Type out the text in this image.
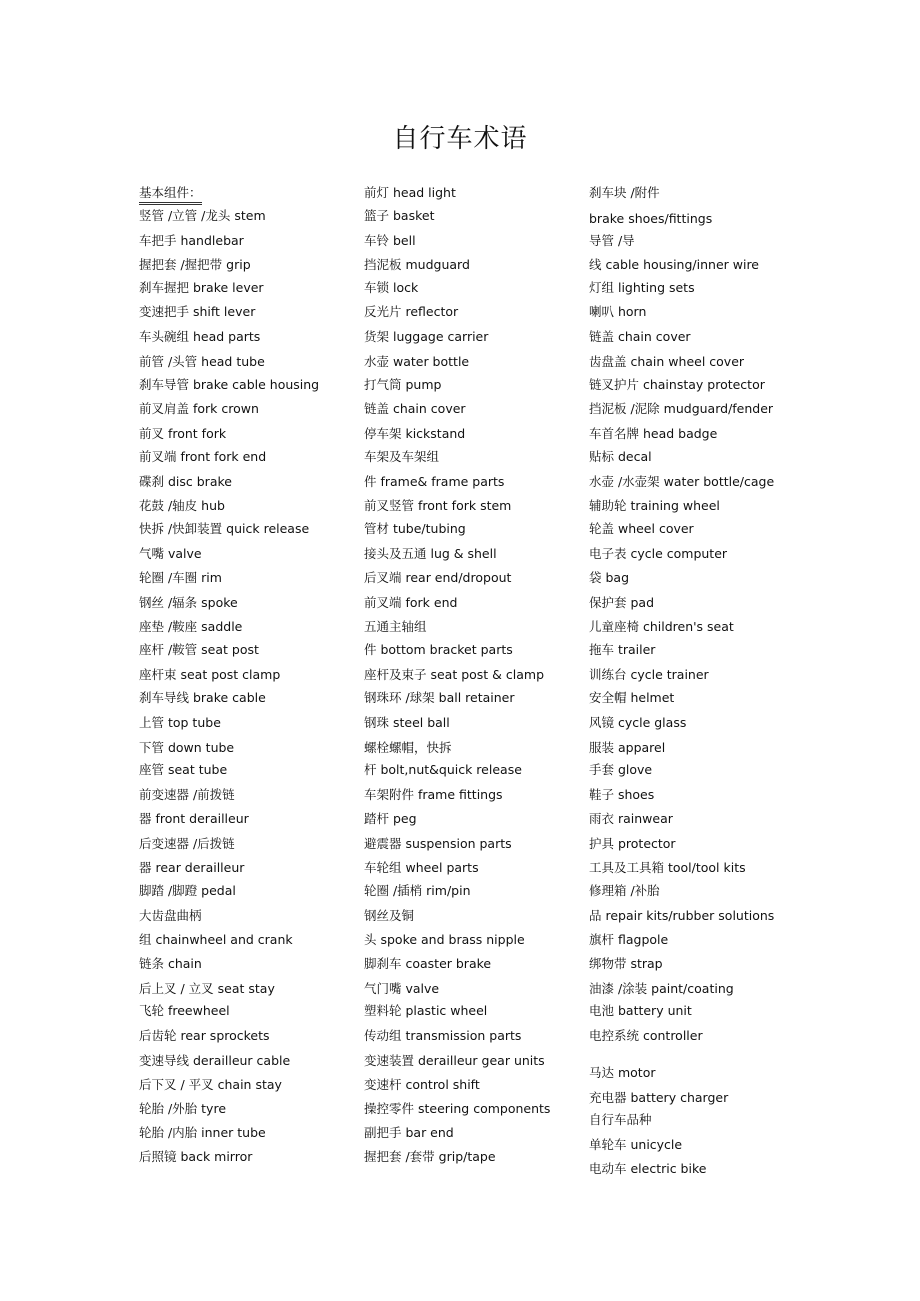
自行车术语
基本组件：
竖管 /立管 /龙头 stem
车把手 handlebar
握把套 /握把带 grip
刹车握把 brake lever
变速把手 shift lever
车头碗组 head parts
前管 /头管 head tube
刹车导管 brake cable housing
前叉肩盖 fork crown
前叉 front fork
前叉端 front fork end
碟刹 disc brake
花鼓 /轴皮 hub
快拆 /快卸装置 quick release
气嘴 valve
轮圈 /车圈 rim
钢丝 /辐条 spoke
座垫 /鞍座 saddle
座杆 /鞍管 seat post
座杆束 seat post clamp
刹车导线 brake cable
上管 top tube
下管 down tube
座管 seat tube
前变速器 /前拨链
器 front derailleur
后变速器 /后拨链
器 rear derailleur
脚踏 /脚蹬 pedal
大齿盘曲柄
组 chainwheel and crank
链条 chain
后上叉 / 立叉 seat stay
飞轮 freewheel
后齿轮 rear sprockets
变速导线 derailleur cable
后下叉 / 平叉 chain stay
轮胎 /外胎 tyre
轮胎 /内胎 inner tube
后照镜 back mirror
前灯 head light
篮子 basket
车铃 bell
挡泥板 mudguard
车锁 lock
反光片 reflector
货架 luggage carrier
水壶 water bottle
打气筒 pump
链盖 chain cover
停车架 kickstand
车架及车架组
件 frame& frame parts
前叉竖管 front fork stem
管材 tube/tubing
接头及五通 lug & shell
后叉端 rear end/dropout
前叉端 fork end
五通主轴组
件 bottom bracket parts
座杆及束子 seat post & clamp
钢珠环 /球架 ball retainer
钢珠 steel ball
螺栓螺帽，快拆
杆 bolt,nut&quick release
车架附件 frame fittings
踏杆 peg
避震器 suspension parts
车轮组 wheel parts
轮圈 /插梢 rim/pin
钢丝及铜
头 spoke and brass nipple
脚刹车 coaster brake
气门嘴 valve
塑料轮 plastic wheel
传动组 transmission parts
变速装置 derailleur gear units
变速杆 control shift
操控零件 steering components
副把手 bar end
握把套 /套带 grip/tape
刹车块 /附件
brake shoes/fittings
导管 /导
线 cable housing/inner wire
灯组 lighting sets
喇叭 horn
链盖 chain cover
齿盘盖 chain wheel cover
链叉护片 chainstay protector
挡泥板 /泥除 mudguard/fender
车首名牌 head badge
贴标 decal
水壶 /水壶架 water bottle/cage
辅助轮 training wheel
轮盖 wheel cover
电子表 cycle computer
袋 bag
保护套 pad
儿童座椅 children's seat
拖车 trailer
训练台 cycle trainer
安全帽 helmet
风镜 cycle glass
服装 apparel
手套 glove
鞋子 shoes
雨衣 rainwear
护具 protector
工具及工具箱 tool/tool kits
修理箱 /补胎
品 repair kits/rubber solutions
旗杆 flagpole
绑物带 strap
油漆 /涂装 paint/coating
电池 battery unit
电控系统 controller
马达 motor
充电器 battery charger
自行车品种
单轮车 unicycle
电动车 electric bike
